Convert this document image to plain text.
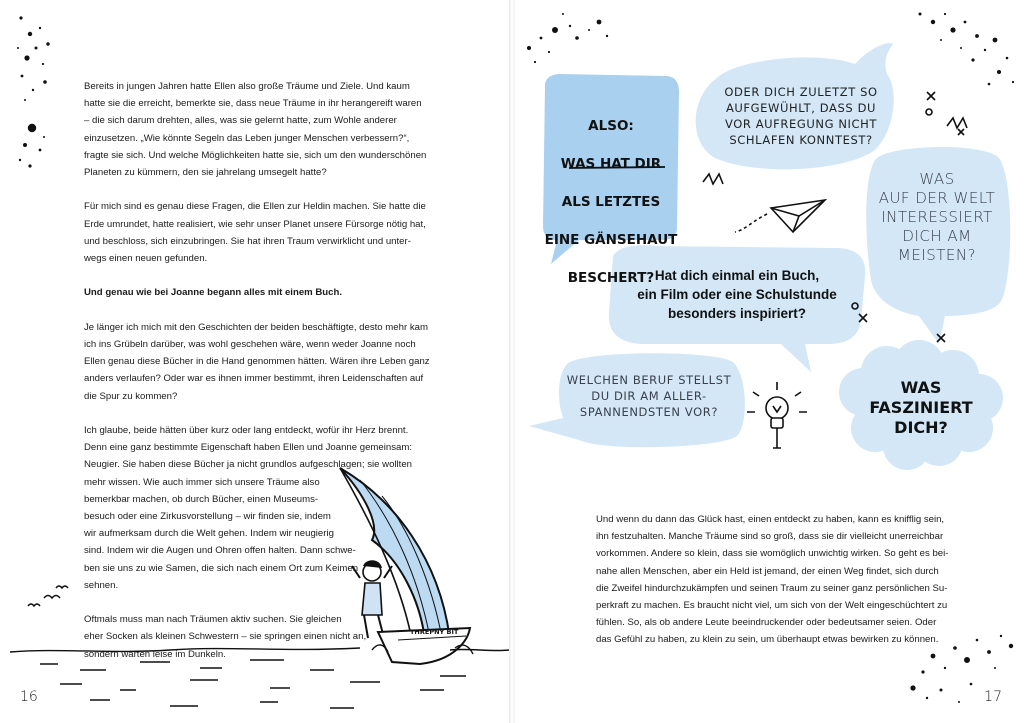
Bereits in jungen Jahren hatte Ellen also große Träume und Ziele. Und kaum
hatte sie die erreicht, bemerkte sie, dass neue Träume in ihr herangereift waren
– die sich darum drehten, alles, was sie gelernt hatte, zum Wohle anderer
einzusetzen. „Wie könnte Segeln das Leben junger Menschen verbessern?“,
fragte sie sich. Und welche Möglichkeiten hatte sie, sich um den wunderschönen
Planeten zu kümmern, den sie jahrelang umsegelt hatte?

Für mich sind es genau diese Fragen, die Ellen zur Heldin machen. Sie hatte die
Erde umrundet, hatte realisiert, wie sehr unser Planet unsere Fürsorge nötig hat,
und beschloss, sich einzubringen. Sie hat ihren Traum verwirklicht und unter-
wegs einen neuen gefunden.

Und genau wie bei Joanne begann alles mit einem Buch.

Je länger ich mich mit den Geschichten der beiden beschäftigte, desto mehr kam
ich ins Grübeln darüber, was wohl geschehen wäre, wenn weder Joanne noch
Ellen genau diese Bücher in die Hand genommen hätten. Wären ihre Leben ganz
anders verlaufen? Oder war es ihnen immer bestimmt, ihren Leidenschaften auf
die Spur zu kommen?

Ich glaube, beide hätten über kurz oder lang entdeckt, wofür ihr Herz brennt.
Denn eine ganz bestimmte Eigenschaft haben Ellen und Joanne gemeinsam:
Neugier. Sie haben diese Bücher ja nicht grundlos aufgeschlagen; sie wollten
mehr wissen. Wie auch immer sich unsere Träume also
bemerkbar machen, ob durch Bücher, einen Museums-
besuch oder eine Zirkusvorstellung – wir finden sie, indem
wir aufmerksam durch die Welt gehen. Indem wir neugierig
sind. Indem wir die Augen und Ohren offen halten. Dann schwe-
ben sie uns zu wie Samen, die sich nach einem Ort zum Keimen
sehnen.

Oftmals muss man nach Träumen aktiv suchen. Sie gleichen
eher Socken als kleinen Schwestern – sie springen einen nicht an,
sondern warten leise im Dunkeln.

THREPNY BIT
16

ALSO:

WAS HAT DIR

ALS LETZTES

EINE GÄNSEHAUT

BESCHERT?

ODER DICH ZULETZT SO
AUFGEWÜHLT, DASS DU
VOR AUFREGUNG NICHT
SCHLAFEN KONNTEST?
WAS
AUF DER WELT
INTERESSIERT
DICH AM
MEISTEN?
Hat dich einmal ein Buch,
ein Film oder eine Schulstunde
besonders inspiriert?
WELCHEN BERUF STELLST
DU DIR AM ALLER-
SPANNENDSTEN VOR?
WAS
FASZINIERT
DICH?
17

Und wenn du dann das Glück hast, einen entdeckt zu haben, kann es knifflig sein,
ihn festzuhalten. Manche Träume sind so groß, dass sie dir vielleicht unerreichbar
vorkommen. Andere so klein, dass sie womöglich unwichtig wirken. So geht es bei-
nahe allen Menschen, aber ein Held ist jemand, der einen Weg findet, sich durch
die Zweifel hindurchzukämpfen und seinen Traum zu seiner ganz persönlichen Su-
perkraft zu machen. Es braucht nicht viel, um sich von der Welt eingeschüchtert zu
fühlen. So, als ob andere Leute beeindruckender oder bedeutsamer seien. Oder
das Gefühl zu haben, zu klein zu sein, um überhaupt etwas bewirken zu können.
